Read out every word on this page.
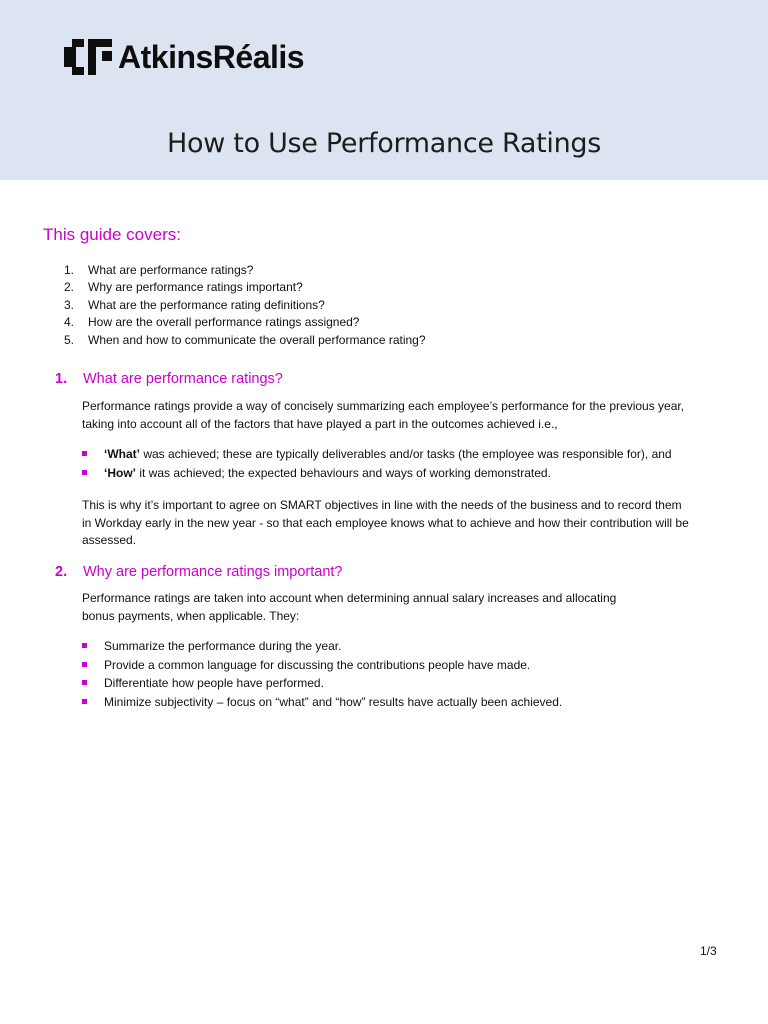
AtkinsRéalis
How to Use Performance Ratings
This guide covers:
1.	What are performance ratings?
2.	Why are performance ratings important?
3.	What are the performance rating definitions?
4.	How are the overall performance ratings assigned?
5.	When and how to communicate the overall performance rating?
1.	What are performance ratings?
Performance ratings provide a way of concisely summarizing each employee’s performance for the previous year,
taking into account all of the factors that have played a part in the outcomes achieved i.e.,
‘What’ was achieved; these are typically deliverables and/or tasks (the employee was responsible for), and
‘How’ it was achieved; the expected behaviours and ways of working demonstrated.
This is why it’s important to agree on SMART objectives in line with the needs of the business and to record them
in Workday early in the new year - so that each employee knows what to achieve and how their contribution will be
assessed.
2.	Why are performance ratings important?
Performance ratings are taken into account when determining annual salary increases and allocating
bonus payments, when applicable. They:
Summarize the performance during the year.
Provide a common language for discussing the contributions people have made.
Differentiate how people have performed.
Minimize subjectivity – focus on “what” and “how” results have actually been achieved.
1/3
